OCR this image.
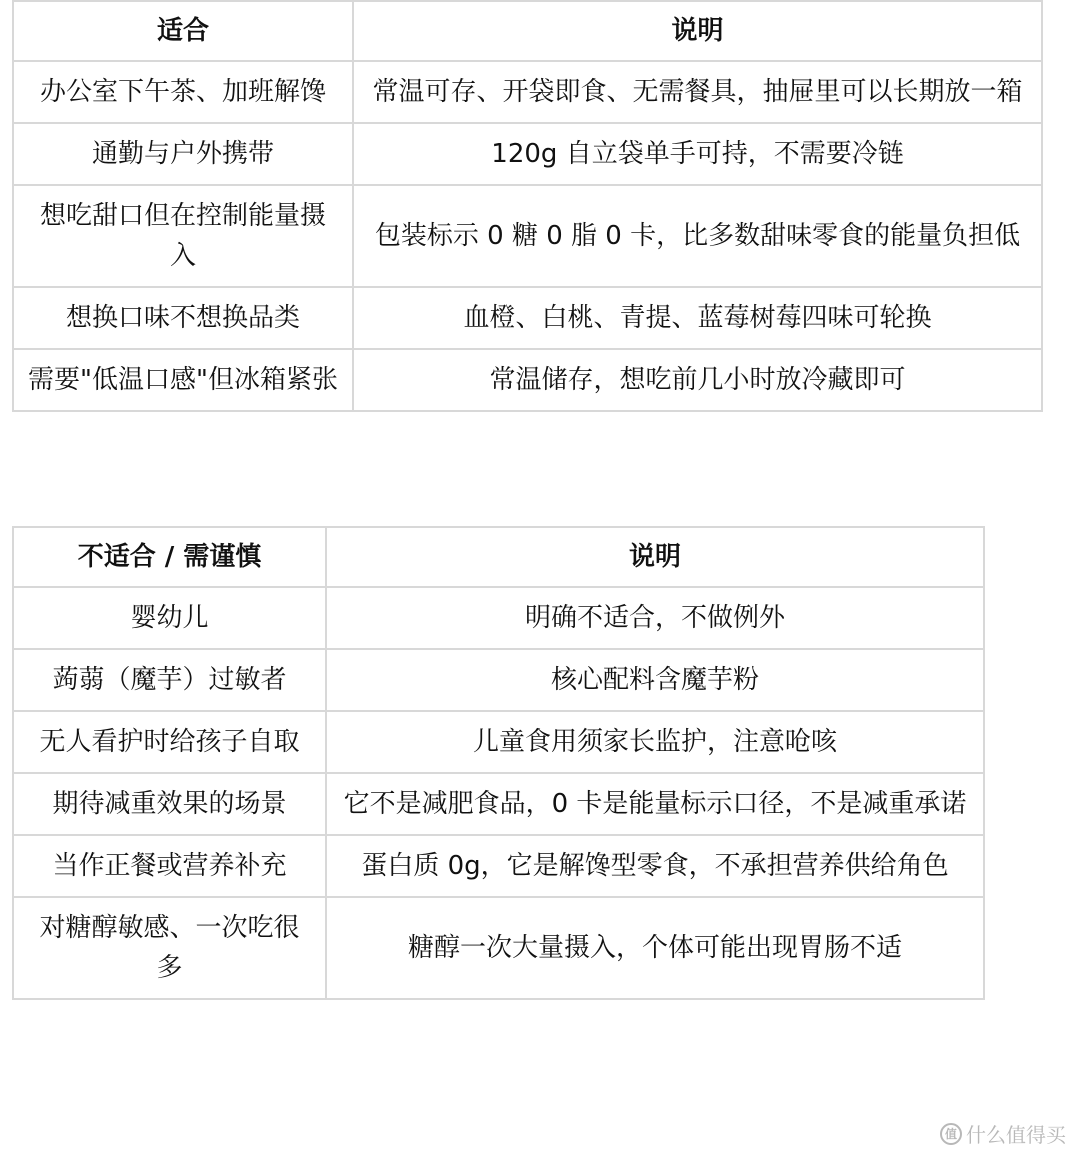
适合	说明
办公室下午茶、加班解馋	常温可存、开袋即食、无需餐具，抽屉里可以长期放一箱
通勤与户外携带	120g 自立袋单手可持，不需要冷链
想吃甜口但在控制能量摄入	包装标示 0 糖 0 脂 0 卡，比多数甜味零食的能量负担低
想换口味不想换品类	血橙、白桃、青提、蓝莓树莓四味可轮换
需要"低温口感"但冰箱紧张	常温储存，想吃前几小时放冷藏即可
不适合 / 需谨慎	说明
婴幼儿	明确不适合，不做例外
蒟蒻（魔芋）过敏者	核心配料含魔芋粉
无人看护时给孩子自取	儿童食用须家长监护，注意呛咳
期待减重效果的场景	它不是减肥食品，0 卡是能量标示口径，不是减重承诺
当作正餐或营养补充	蛋白质 0g，它是解馋型零食，不承担营养供给角色
对糖醇敏感、一次吃很多	糖醇一次大量摄入，个体可能出现胃肠不适
值 什么值得买
